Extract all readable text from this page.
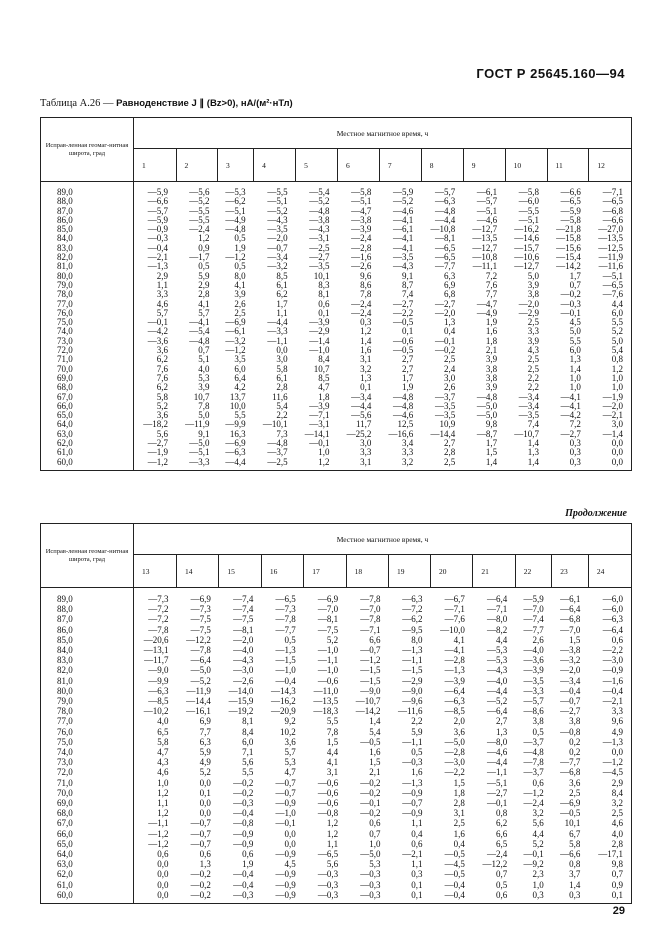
ГОСТ Р 25645.160—94
Таблица А.26 — Равноденствие J ∥ (Bz>0), нА/(м²·нТл)
Исправ-ленная геомаг-нитная широта, град	Местное магнитное время, ч											
	1	2	3	4	5	6	7	8	9	10	11	12
89,0	—5,9	—5,6	—5,3	—5,5	—5,4	—5,8	—5,9	—5,7	—6,1	—5,8	—6,6	—7,1
88,0	—6,6	—5,2	—6,2	—5,1	—5,2	—5,1	—5,2	—6,3	—5,7	—6,0	—6,5	—6,5
87,0	—5,7	—5,5	—5,1	—5,2	—4,8	—4,7	—4,6	—4,8	—5,1	—5,5	—5,9	—6,8
86,0	—5,9	—5,5	—4,9	—4,3	—3,8	—3,8	—4,1	—4,4	—4,6	—5,1	—5,8	—6,6
85,0	—0,9	—2,4	—4,8	—3,5	—4,3	—3,9	—6,1	—10,8	—12,7	—16,2	—21,8	—27,0
84,0	—0,3	1,2	0,5	—2,0	—3,1	—2,4	—4,1	—8,1	—13,5	—14,6	—15,8	—13,5
83,0	—0,4	0,9	1,9	—0,7	—2,5	—2,8	—4,1	—6,5	—12,7	—15,7	—15,6	—12,5
82,0	—2,1	—1,7	—1,2	—3,4	—2,7	—1,6	—3,5	—6,5	—10,8	—10,6	—15,4	—11,9
81,0	—1,3	0,5	0,5	—3,2	—3,5	—2,6	—4,3	—7,7	—11,1	—12,7	—14,2	—11,6
80,0	2,9	5,9	8,0	8,5	10,1	9,6	9,1	6,3	7,2	5,0	1,7	—5,1
79,0	1,1	2,9	4,1	6,1	8,3	8,6	8,7	6,9	7,6	3,9	0,7	—6,5
78,0	3,3	2,8	3,9	6,2	8,1	7,8	7,4	6,8	7,7	3,8	—0,2	—7,6
77,0	4,6	4,1	2,6	1,7	0,6	—2,4	—2,7	—2,7	—4,7	—2,0	—0,3	4,4
76,0	5,7	5,7	2,5	1,1	0,1	—2,4	—2,2	—2,0	—4,9	—2,9	—0,1	6,0
75,0	—0,1	—4,1	—6,9	—4,4	—3,9	0,3	—0,5	1,3	1,9	2,5	4,5	5,5
74,0	—4,2	—5,4	—6,1	—3,3	—2,9	1,2	0,1	0,4	1,6	3,3	5,0	5,2
73,0	—3,6	—4,8	—3,2	—1,1	—1,4	1,4	—0,6	—0,1	1,8	3,9	5,5	5,0
72,0	3,6	0,7	—1,2	0,0	—1,0	1,6	—0,5	—0,2	2,1	4,3	6,0	5,4
71,0	6,2	5,1	3,5	3,0	8,4	3,1	2,7	2,5	3,9	2,5	1,3	0,8
70,0	7,6	4,0	6,0	5,8	10,7	3,2	2,7	2,4	3,8	2,5	1,4	1,2
69,0	7,6	5,3	6,4	6,1	8,5	1,3	1,7	3,0	3,8	2,2	1,0	1,0
68,0	6,2	3,9	4,2	2,8	4,7	0,1	1,9	2,6	3,9	2,2	1,0	1,0
67,0	5,8	10,7	13,7	11,6	1,8	—3,4	—4,8	—3,7	—4,8	—3,4	—4,1	—1,9
66,0	5,2	7,8	10,0	5,4	—3,9	—4,4	—4,8	—3,5	—5,0	—3,4	—4,1	—2,0
65,0	3,6	5,0	5,5	2,2	—7,1	—5,6	—4,6	—3,5	—5,0	—3,5	—4,2	—2,1
64,0	—18,2	—11,9	—9,9	—10,1	—3,1	11,7	12,5	10,9	9,8	7,4	7,2	3,0
63,0	5,6	9,1	16,3	7,3	—14,1	—25,2	—16,6	—14,4	—8,7	—10,7	—2,7	—1,4
62,0	—2,7	—5,0	—6,9	—4,8	—0,1	3,0	3,4	2,7	1,7	1,4	0,3	0,0
61,0	—1,9	—5,1	—6,3	—3,7	1,0	3,3	3,3	2,8	1,5	1,3	0,3	0,0
60,0	—1,2	—3,3	—4,4	—2,5	1,2	3,1	3,2	2,5	1,4	1,4	0,3	0,0
Продолжение
Исправ-ленная геомаг-нитная широта, град	Местное магнитное время, ч											
	13	14	15	16	17	18	19	20	21	22	23	24
89,0	—7,3	—6,9	—7,4	—6,5	—6,9	—7,8	—6,3	—6,7	—6,4	—5,9	—6,1	—6,0
88,0	—7,2	—7,3	—7,4	—7,3	—7,0	—7,0	—7,2	—7,1	—7,1	—7,0	—6,4	—6,0
87,0	—7,2	—7,5	—7,5	—7,8	—8,1	—7,8	—6,2	—7,6	—8,0	—7,4	—6,8	—6,3
86,0	—7,8	—7,5	—8,1	—7,7	—7,5	—7,1	—9,5	—10,0	—8,2	—7,7	—7,0	—6,4
85,0	—20,6	—12,2	—2,0	0,5	5,2	6,6	8,0	4,1	4,4	2,6	1,5	0,6
84,0	—13,1	—7,8	—4,0	—1,3	—1,0	—0,7	—1,3	—4,1	—5,3	—4,0	—3,8	—2,2
83,0	—11,7	—6,4	—4,3	—1,5	—1,1	—1,2	—1,1	—2,8	—5,3	—3,6	—3,2	—3,0
82,0	—9,0	—5,0	—3,0	—1,0	—1,0	—1,5	—1,5	—1,3	—4,3	—3,9	—2,0	—0,9
81,0	—9,9	—5,2	—2,6	—0,4	—0,6	—1,5	—2,9	—3,9	—4,0	—3,5	—3,4	—1,6
80,0	—6,3	—11,9	—14,0	—14,3	—11,0	—9,0	—9,0	—6,4	—4,4	—3,3	—0,4	—0,4
79,0	—8,5	—14,4	—15,9	—16,2	—13,5	—10,7	—9,6	—6,3	—5,2	—5,7	—0,7	—2,1
78,0	—10,2	—16,1	—19,2	—20,9	—18,3	—14,2	—11,6	—8,5	—6,4	—8,6	—2,7	3,3
77,0	4,0	6,9	8,1	9,2	5,5	1,4	2,2	2,0	2,7	3,8	3,8	9,6
76,0	6,5	7,7	8,4	10,2	7,8	5,4	5,9	3,6	1,3	0,5	—0,8	4,9
75,0	5,8	6,3	6,0	3,6	1,5	—0,5	—1,1	—5,0	—8,0	—3,7	0,2	—1,3
74,0	4,7	5,9	7,1	5,7	4,4	1,6	0,5	—2,8	—4,6	—4,8	0,2	0,0
73,0	4,3	4,9	5,6	5,3	4,1	1,5	—0,3	—3,0	—4,4	—7,8	—7,7	—1,2
72,0	4,6	5,2	5,5	4,7	3,1	2,1	1,6	—2,2	—1,1	—3,7	—6,8	—4,5
71,0	1,0	0,0	—0,2	—0,7	—0,6	—0,2	—1,3	1,5	—5,1	0,6	3,6	2,9
70,0	1,2	0,1	—0,2	—0,7	—0,6	—0,2	—0,9	1,8	—2,7	—1,2	2,5	8,4
69,0	1,1	0,0	—0,3	—0,9	—0,6	—0,1	—0,7	2,8	—0,1	—2,4	—6,9	3,2
68,0	1,2	0,0	—0,4	—1,0	—0,8	—0,2	—0,9	3,1	0,8	3,2	—0,5	2,5
67,0	—1,1	—0,7	—0,8	—0,1	1,2	0,6	1,1	2,5	6,2	5,6	10,1	4,6
66,0	—1,2	—0,7	—0,9	0,0	1,2	0,7	0,4	1,6	6,6	4,4	6,7	4,0
65,0	—1,2	—0,7	—0,9	0,0	1,1	1,0	0,6	0,4	6,5	5,2	5,8	2,8
64,0	0,6	0,6	0,6	—0,9	—6,5	—5,0	—2,1	—0,5	—2,4	—0,1	—6,6	—17,1
63,0	0,0	1,3	1,9	4,5	5,6	5,3	1,1	—4,5	—12,2	—9,2	0,8	9,8
62,0	0,0	—0,2	—0,4	—0,9	—0,3	—0,3	0,3	—0,5	0,7	2,3	3,7	0,7
61,0	0,0	—0,2	—0,4	—0,9	—0,3	—0,3	0,1	—0,4	0,5	1,0	1,4	0,9
60,0	0,0	—0,2	—0,3	—0,9	—0,3	—0,3	0,1	—0,4	0,6	0,3	0,3	0,1
29
